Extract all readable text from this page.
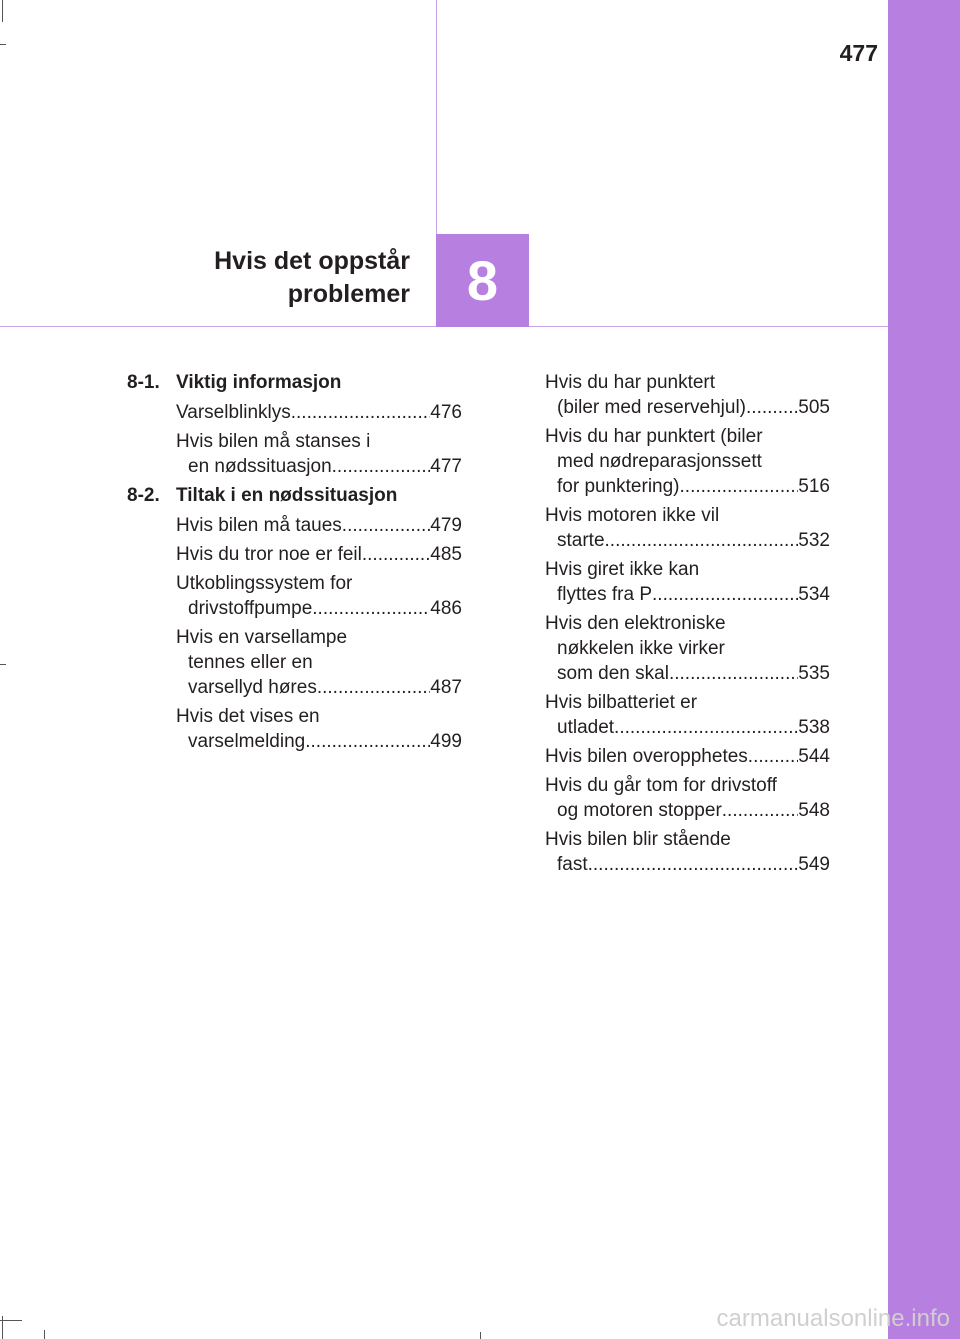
477
Hvis det oppstår
problemer 8
8-1. Viktig informasjon
Varselblinklys .....	476
Hvis bilen må stanses i
en nødssituasjon .....	477
8-2. Tiltak i en nødssituasjon
Hvis bilen må taues .....	479
Hvis du tror noe er feil .....	485
Utkoblingssystem for
drivstoffpumpe .....	486
Hvis en varsellampe
tennes eller en
varsellyd høres .....	487
Hvis det vises en
varselmelding .....	499
Hvis du har punktert
(biler med reservehjul) .....	505
Hvis du har punktert (biler
med nødreparasjonssett
for punktering) .....	516
Hvis motoren ikke vil
starte .....	532
Hvis giret ikke kan
flyttes fra P .....	534
Hvis den elektroniske
nøkkelen ikke virker
som den skal .....	535
Hvis bilbatteriet er
utladet .....	538
Hvis bilen overopphetes .....	544
Hvis du går tom for drivstoff
og motoren stopper .....	548
Hvis bilen blir stående
fast .....	549
carmanualsonline.info
